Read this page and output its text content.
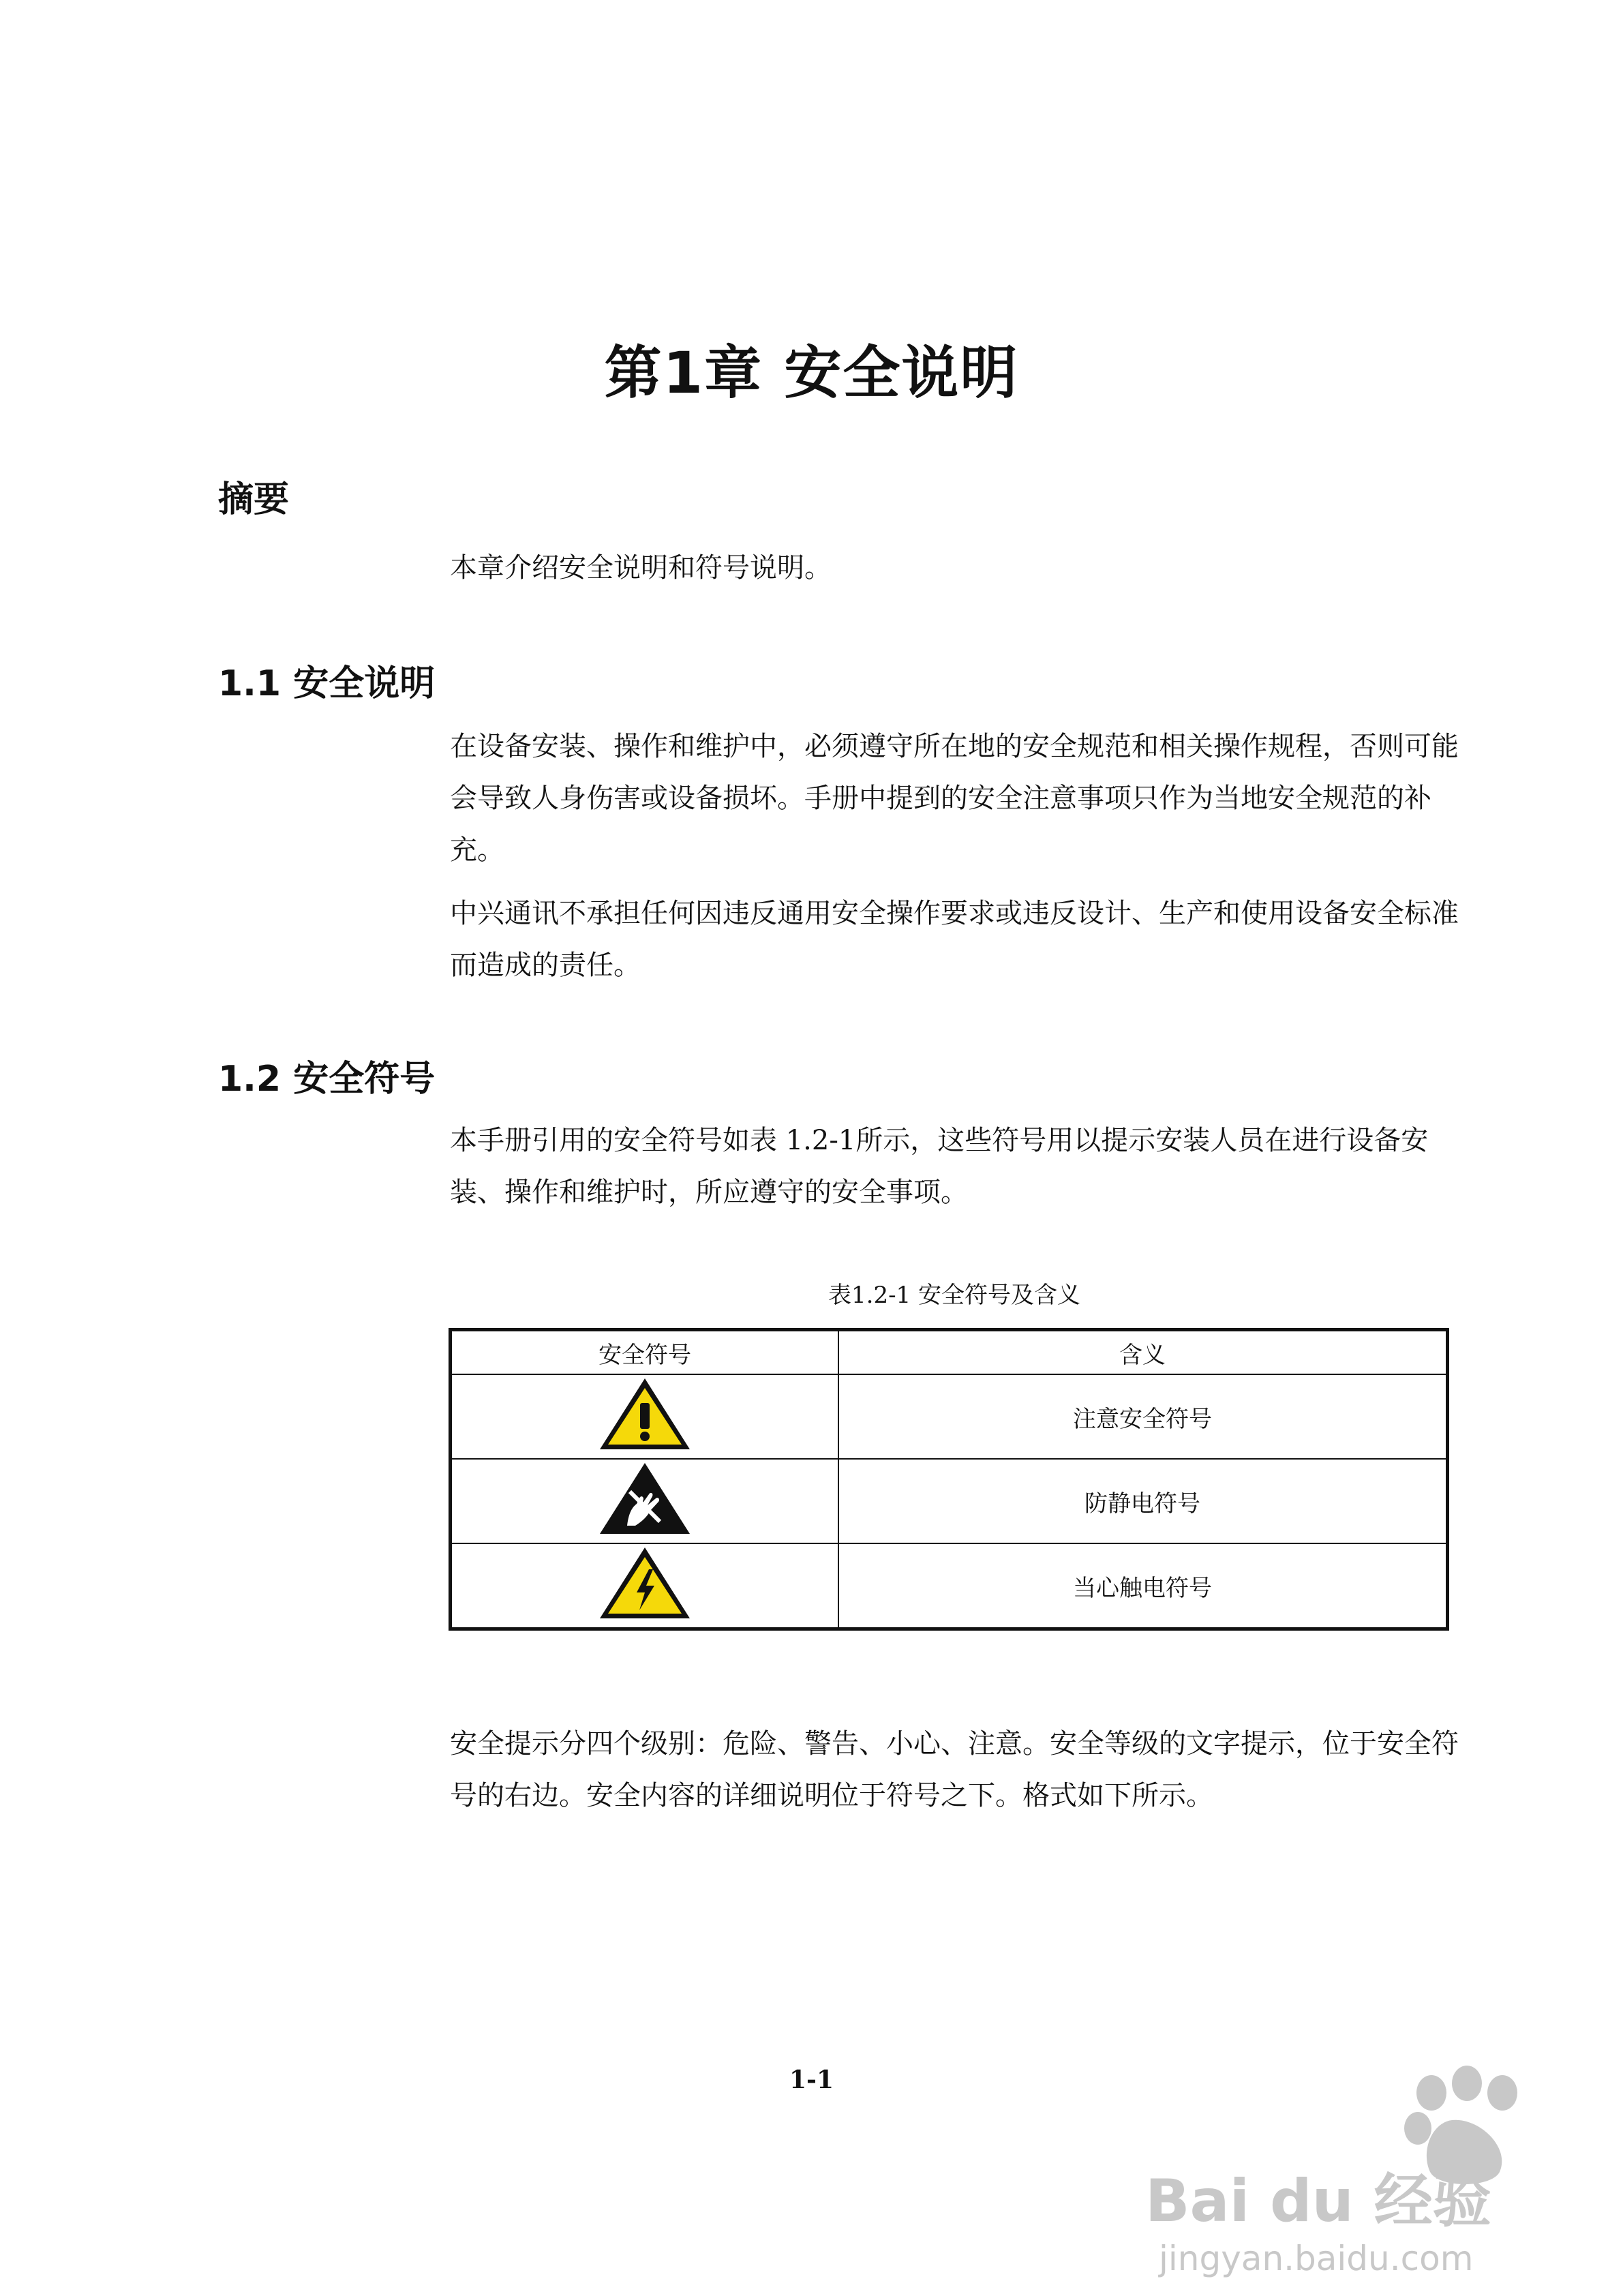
第1章 安全说明
摘要
本章介绍安全说明和符号说明。
1.1 安全说明
在设备安装、操作和维护中，必须遵守所在地的安全规范和相关操作规程，否则可能会导致人身伤害或设备损坏。手册中提到的安全注意事项只作为当地安全规范的补充。
中兴通讯不承担任何因违反通用安全操作要求或违反设计、生产和使用设备安全标准而造成的责任。
1.2 安全符号
本手册引用的安全符号如表 1.2-1所示，这些符号用以提示安装人员在进行设备安装、操作和维护时，所应遵守的安全事项。
表1.2-1 安全符号及含义
安全符号	含义
	注意安全符号
	防静电符号
	当心触电符号
安全提示分四个级别：危险、警告、小心、注意。安全等级的文字提示，位于安全符号的右边。安全内容的详细说明位于符号之下。格式如下所示。
1-1
Bai du 经验
jingyan.baidu.com
